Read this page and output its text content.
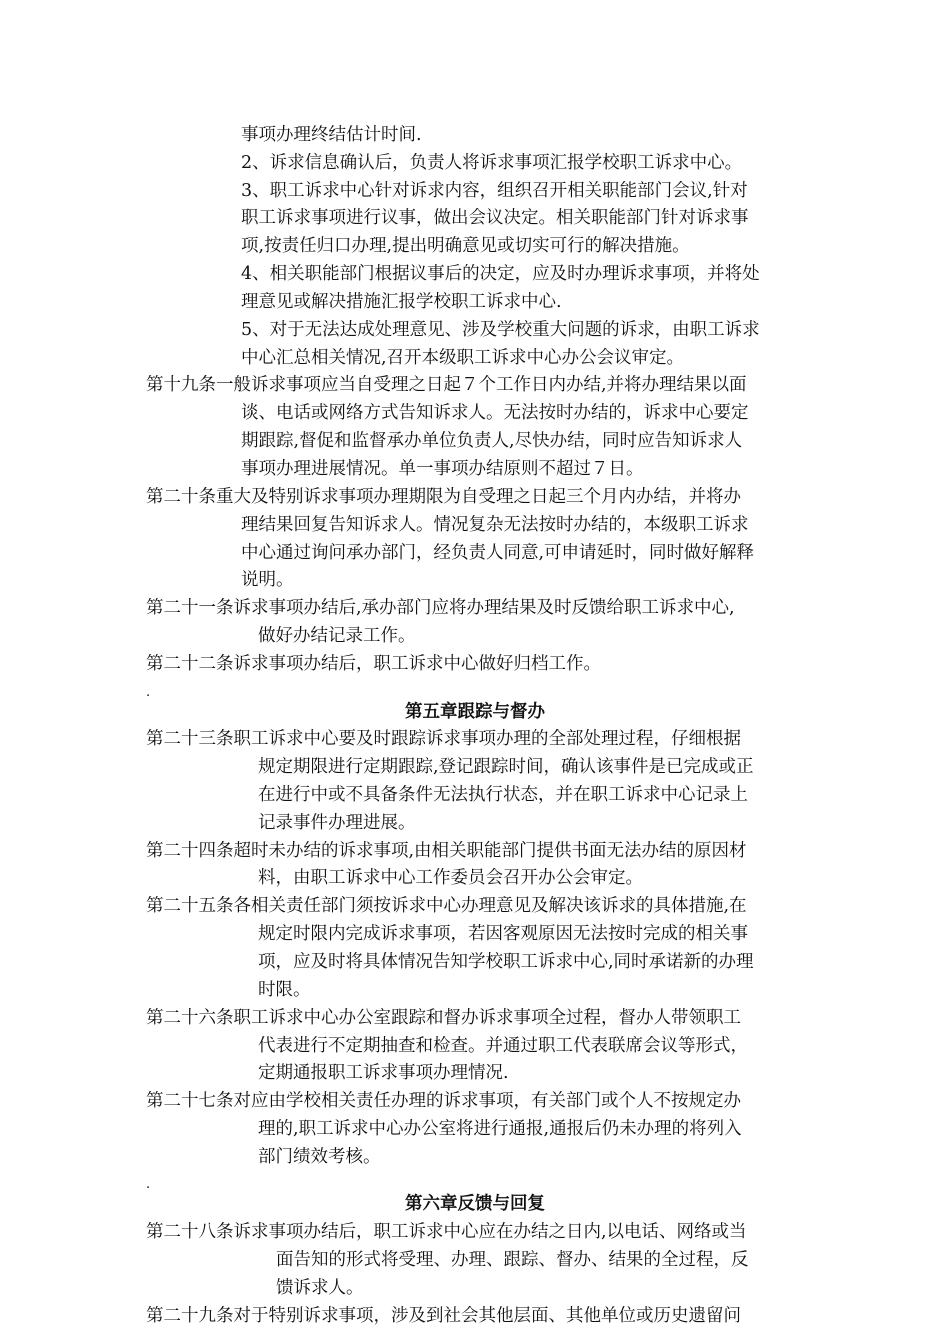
事项办理终结估计时间.
2、诉求信息确认后，负责人将诉求事项汇报学校职工诉求中心。
3、职工诉求中心针对诉求内容，组织召开相关职能部门会议,针对
职工诉求事项进行议事，做出会议决定。相关职能部门针对诉求事
项,按责任归口办理,提出明确意见或切实可行的解决措施。
4、相关职能部门根据议事后的决定，应及时办理诉求事项，并将处
理意见或解决措施汇报学校职工诉求中心.
5、对于无法达成处理意见、涉及学校重大问题的诉求，由职工诉求
中心汇总相关情况,召开本级职工诉求中心办公会议审定。
第十九条一般诉求事项应当自受理之日起７个工作日内办结,并将办理结果以面
谈、电话或网络方式告知诉求人。无法按时办结的，诉求中心要定
期跟踪,督促和监督承办单位负责人,尽快办结，同时应告知诉求人
事项办理进展情况。单一事项办结原则不超过７日。
第二十条重大及特别诉求事项办理期限为自受理之日起三个月内办结，并将办
理结果回复告知诉求人。情况复杂无法按时办结的，本级职工诉求
中心通过询问承办部门，经负责人同意,可申请延时，同时做好解释
说明。
第二十一条诉求事项办结后,承办部门应将办理结果及时反馈给职工诉求中心,
做好办结记录工作。
第二十二条诉求事项办结后，职工诉求中心做好归档工作。
.
第五章跟踪与督办
第二十三条职工诉求中心要及时跟踪诉求事项办理的全部处理过程，仔细根据
规定期限进行定期跟踪,登记跟踪时间，确认该事件是已完成或正
在进行中或不具备条件无法执行状态，并在职工诉求中心记录上
记录事件办理进展。
第二十四条超时未办结的诉求事项,由相关职能部门提供书面无法办结的原因材
料，由职工诉求中心工作委员会召开办公会审定。
第二十五条各相关责任部门须按诉求中心办理意见及解决该诉求的具体措施,在
规定时限内完成诉求事项，若因客观原因无法按时完成的相关事
项，应及时将具体情况告知学校职工诉求中心,同时承诺新的办理
时限。
第二十六条职工诉求中心办公室跟踪和督办诉求事项全过程，督办人带领职工
代表进行不定期抽查和检查。并通过职工代表联席会议等形式，
定期通报职工诉求事项办理情况.
第二十七条对应由学校相关责任办理的诉求事项，有关部门或个人不按规定办
理的,职工诉求中心办公室将进行通报,通报后仍未办理的将列入
部门绩效考核。
.
第六章反馈与回复
第二十八条诉求事项办结后，职工诉求中心应在办结之日内,以电话、网络或当
面告知的形式将受理、办理、跟踪、督办、结果的全过程，反
馈诉求人。
第二十九条对于特别诉求事项，涉及到社会其他层面、其他单位或历史遗留问
